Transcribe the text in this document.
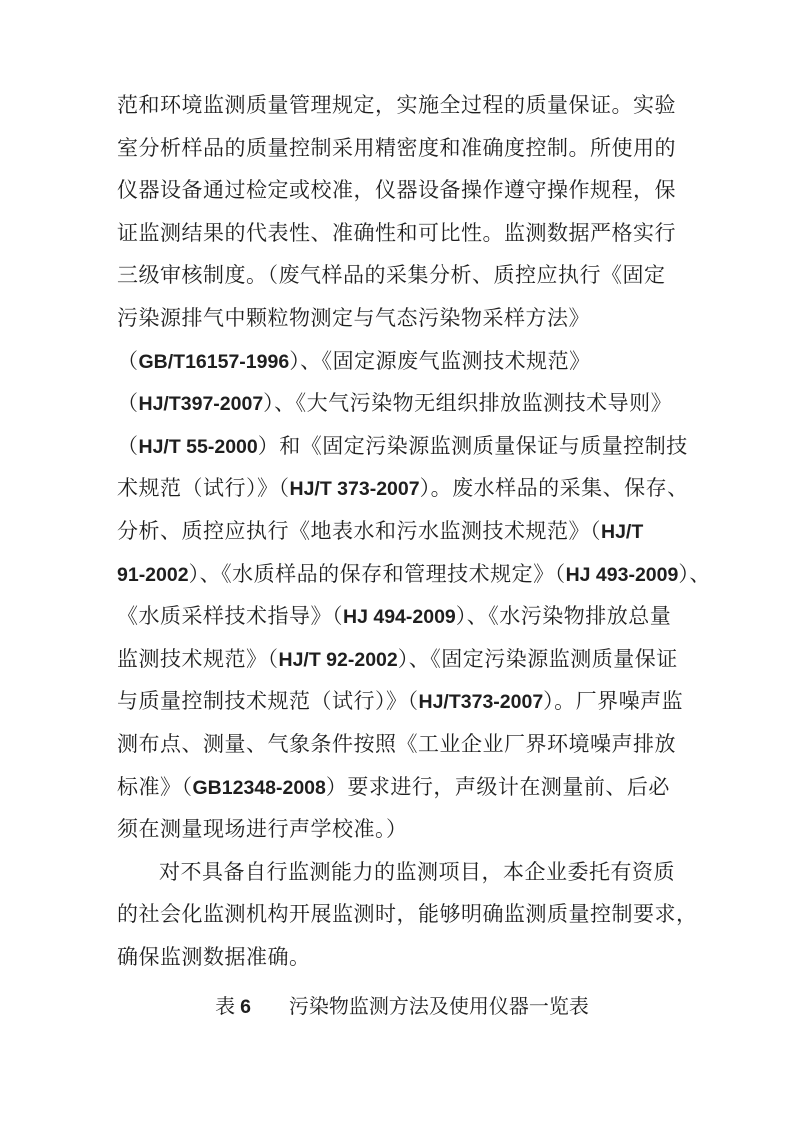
范和环境监测质量管理规定，实施全过程的质量保证。实验
室分析样品的质量控制采用精密度和准确度控制。所使用的
仪器设备通过检定或校准，仪器设备操作遵守操作规程，保
证监测结果的代表性、准确性和可比性。监测数据严格实行
三级审核制度。（废气样品的采集分析、质控应执行《固定
污染源排气中颗粒物测定与气态污染物采样方法》
（GB/T16157-1996）、《固定源废气监测技术规范》
（HJ/T397-2007）、《大气污染物无组织排放监测技术导则》
（HJ/T 55-2000）和《固定污染源监测质量保证与质量控制技
术规范（试行）》（HJ/T 373-2007）。废水样品的采集、保存、
分析、质控应执行《地表水和污水监测技术规范》（HJ/T
91-2002）、《水质样品的保存和管理技术规定》（HJ 493-2009）、
《水质采样技术指导》（HJ 494-2009）、《水污染物排放总量
监测技术规范》（HJ/T 92-2002）、《固定污染源监测质量保证
与质量控制技术规范（试行）》（HJ/T373-2007）。厂界噪声监
测布点、测量、气象条件按照《工业企业厂界环境噪声排放
标准》（GB12348-2008）要求进行，声级计在测量前、后必
须在测量现场进行声学校准。）
对不具备自行监测能力的监测项目，本企业委托有资质
的社会化监测机构开展监测时，能够明确监测质量控制要求，
确保监测数据准确。
表 6 污染物监测方法及使用仪器一览表
